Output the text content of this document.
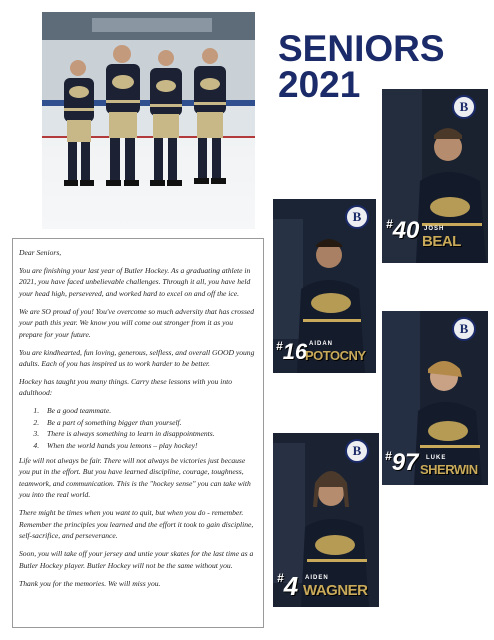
SENIORS
2021

Dear Seniors,

You are finishing your last year of Butler Hockey. As a graduating athlete in 2021, you have faced unbelievable challenges. Through it all, you have held your head high, persevered, and worked hard to excel on and off the ice.

We are SO proud of you! You've overcome so much adversity that has crossed your path this year. We know you will come out stronger from it as you prepare for your future.

You are kindhearted, fun loving, generous, selfless, and overall GOOD young adults. Each of you has inspired us to work harder to be better.

Hockey has taught you many things. Carry these lessons with you into adulthood:

1. Be a good teammate.
2. Be a part of something bigger than yourself.
3. There is always something to learn in disappointments.
4. When the world hands you lemons – play hockey!

Life will not always be fair. There will not always be victories just because you put in the effort. But you have learned discipline, courage, toughness, teamwork, and communication. This is the "hockey sense" you can take with you into the real world.

There might be times when you want to quit, but when you do - remember. Remember the principles you learned and the effort it took to gain discipline, self-sacrifice, and perseverance.

Soon, you will take off your jersey and untie your skates for the last time as a Butler Hockey player. Butler Hockey will not be the same without you.

Thank you for the memories. We will miss you.

B
#40 JOSH
BEAL
B
#16 AIDAN
POTOCNY
B
#97 LUKE
SHERWIN
B
#4 AIDEN
WAGNER
